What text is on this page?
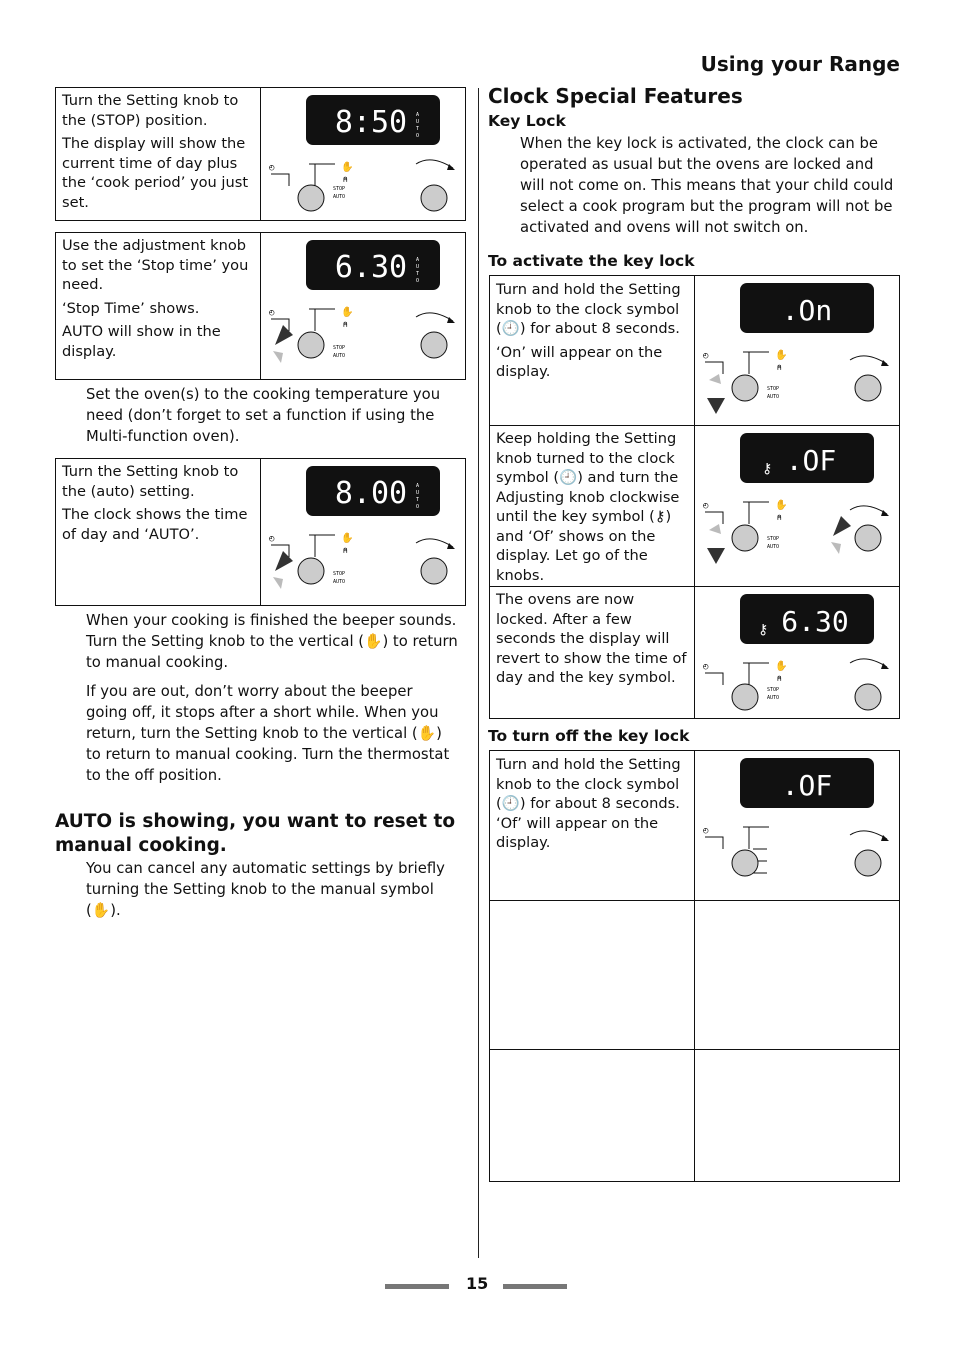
Using your Range

Turn the Setting knob to the (STOP) position.

The display will show the current time of day plus the ‘cook period’ you just set.

8:50 A
U
T
O
◴	✋
⍝
STOP
AUTO

Use the adjustment knob to set the ‘Stop time’ you need.

‘Stop Time’ shows.

AUTO will show in the display.

6.30 A
U
T
O
◴	✋
⍝
STOP
AUTO

Set the oven(s) to the cooking temperature you need (don’t forget to set a function if using the Multi-function oven).

Turn the Setting knob to the (auto) setting.

The clock shows the time of day and ‘AUTO’.

8.00 A
U
T
O
◴	✋
⍝
STOP
AUTO

When your cooking is finished the beeper sounds. Turn the Setting knob to the vertical (✋) to return to manual cooking.

If you are out, don’t worry about the beeper going off, it stops after a short while. When you return, turn the Setting knob to the vertical (✋) to return to manual cooking. Turn the thermostat to the off position.

AUTO is showing, you want to reset to manual cooking.

You can cancel any automatic settings by briefly turning the Setting knob to the manual symbol (✋).

Clock Special Features
Key Lock

When the key lock is activated, the clock can be operated as usual but the ovens are locked and will not come on. This means that your child could select a cook program but the program will not be activated and ovens will not switch on.

To activate the key lock

Turn and hold the Setting knob to the clock symbol (🕘) for about 8 seconds.

‘On’ will appear on the display.

.On
◴	✋
⍝
STOP
AUTO

Keep holding the Setting knob turned to the clock symbol (🕘) and turn the Adjusting knob clockwise until the key symbol (⚷) and ‘Of’ shows on the display. Let go of the knobs.

⚷ .OF
◴	✋
⍝
STOP
AUTO

The ovens are now locked. After a few seconds the display will revert to show the time of day and the key symbol.

⚷ 6.30
◴	✋
⍝
STOP
AUTO
To turn off the key lock

Turn and hold the Setting knob to the clock symbol (🕘) for about 8 seconds. ‘Of’ will appear on the display.

.OF
◴
15
